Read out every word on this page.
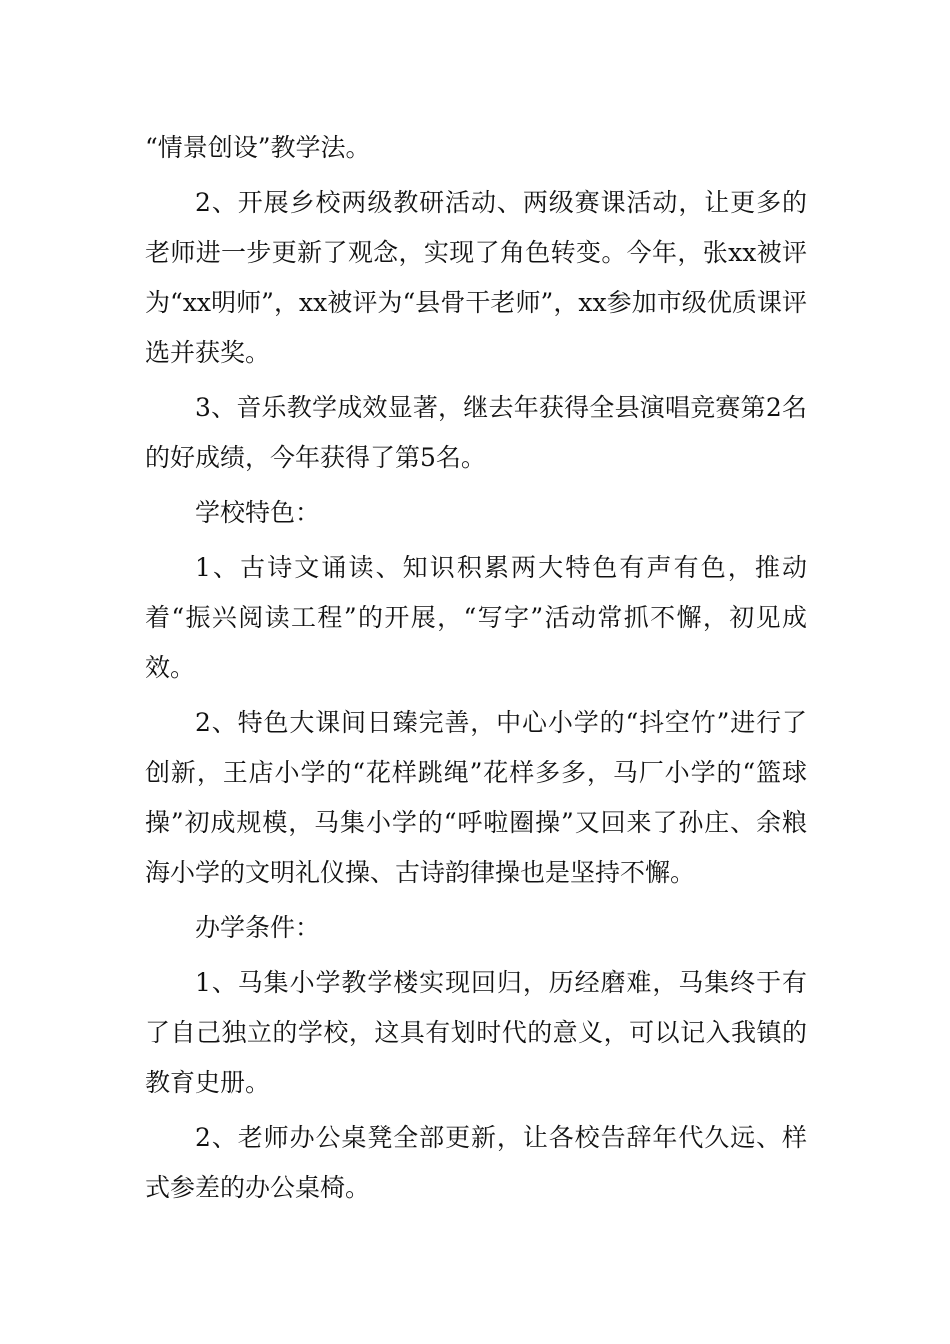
“情景创设”教学法。

2、开展乡校两级教研活动、两级赛课活动，让更多的老师进一步更新了观念，实现了角色转变。今年，张xx被评为“xx明师”，xx被评为“县骨干老师”，xx参加市级优质课评选并获奖。

3、音乐教学成效显著，继去年获得全县演唱竞赛第2名的好成绩，今年获得了第5名。

学校特色：

1、古诗文诵读、知识积累两大特色有声有色，推动着“振兴阅读工程”的开展，“写字”活动常抓不懈，初见成效。

2、特色大课间日臻完善，中心小学的“抖空竹”进行了创新，王店小学的“花样跳绳”花样多多，马厂小学的“篮球操”初成规模，马集小学的“呼啦圈操”又回来了孙庄、余粮海小学的文明礼仪操、古诗韵律操也是坚持不懈。

办学条件：

1、马集小学教学楼实现回归，历经磨难，马集终于有了自己独立的学校，这具有划时代的意义，可以记入我镇的教育史册。

2、老师办公桌凳全部更新，让各校告辞年代久远、样式参差的办公桌椅。
